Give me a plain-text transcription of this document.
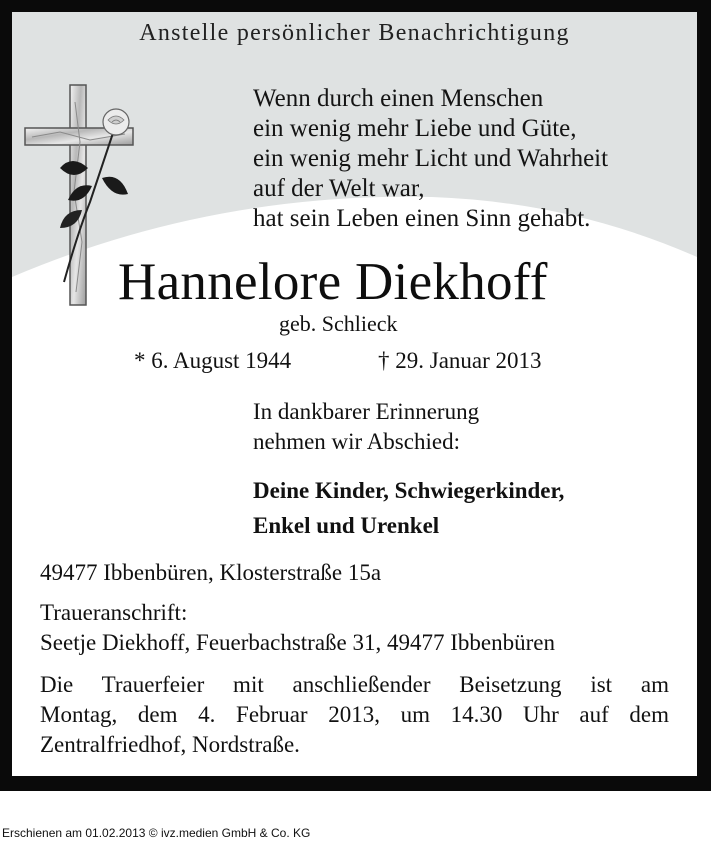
Anstelle persönlicher Benachrichtigung
Wenn durch einen Menschen
ein wenig mehr Liebe und Güte,
ein wenig mehr Licht und Wahrheit
auf der Welt war,
hat sein Leben einen Sinn gehabt.
Hannelore Diekhoff
geb. Schlieck
* 6. August 1944	† 29. Januar 2013
In dankbarer Erinnerung
nehmen wir Abschied:
Deine Kinder, Schwiegerkinder,
Enkel und Urenkel
49477 Ibbenbüren, Klosterstraße 15a
Traueranschrift:
Seetje Diekhoff, Feuerbachstraße 31, 49477 Ibbenbüren
Die Trauerfeier mit anschließender Beisetzung ist am
Montag, dem 4. Februar 2013, um 14.30 Uhr auf dem
Zentralfriedhof, Nordstraße.
Erschienen am 01.02.2013 © ivz.medien GmbH & Co. KG
